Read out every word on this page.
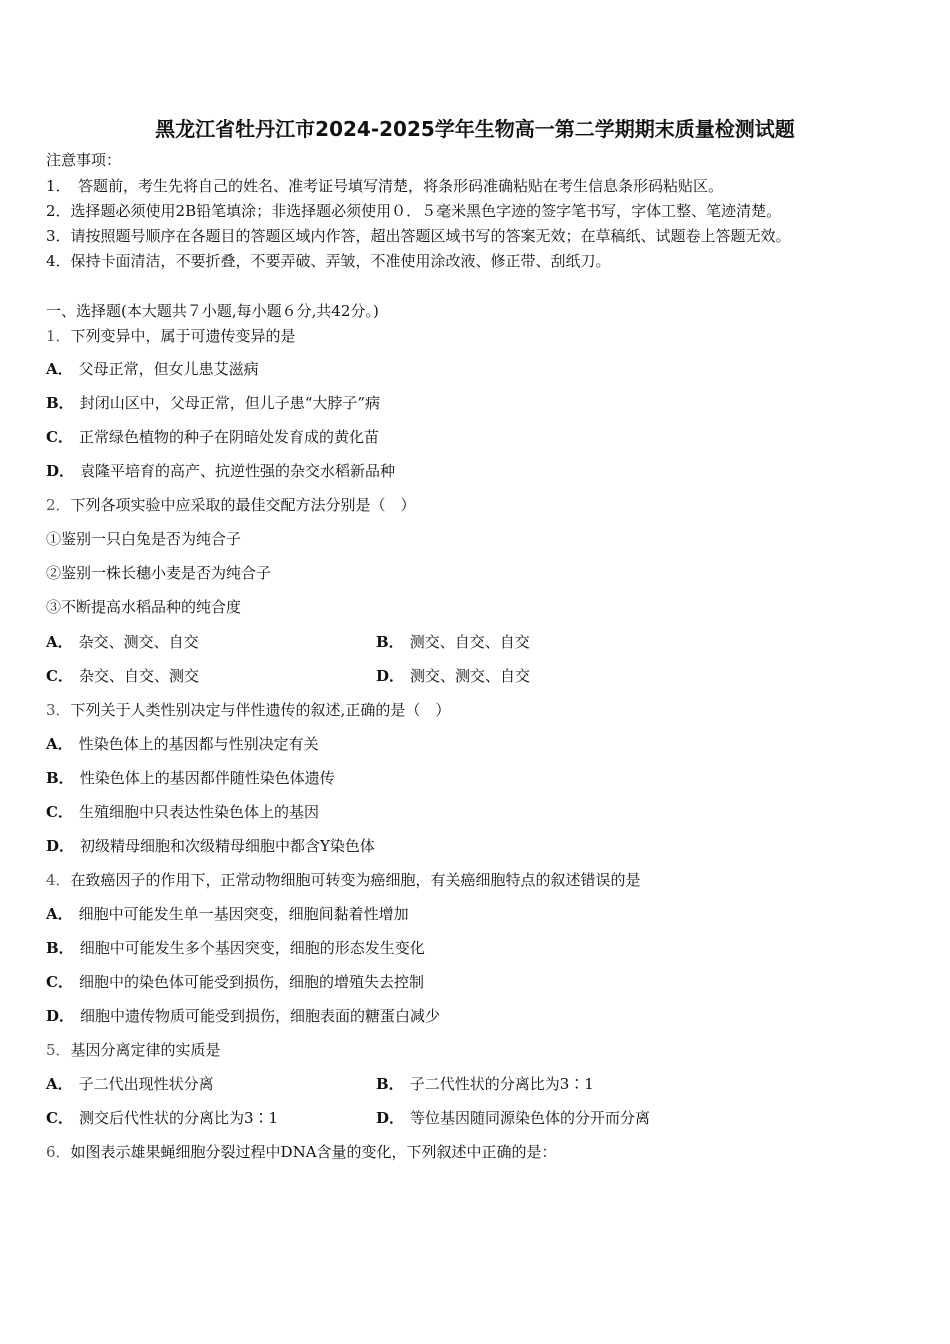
黑龙江省牡丹江市2024-2025学年生物高一第二学期期末质量检测试题
注意事项：
1．　答题前，考生先将自己的姓名、准考证号填写清楚，将条形码准确粘贴在考生信息条形码粘贴区。
2．选择题必须使用2B铅笔填涂；非选择题必须使用０．５毫米黑色字迹的签字笔书写，字体工整、笔迹清楚。
3．请按照题号顺序在各题目的答题区域内作答，超出答题区域书写的答案无效；在草稿纸、试题卷上答题无效。
4．保持卡面清洁，不要折叠，不要弄破、弄皱，不准使用涂改液、修正带、刮纸刀。
一、选择题(本大题共７小题,每小题６分,共42分。)
1．下列变异中，属于可遗传变异的是
A． 父母正常，但女儿患艾滋病
B． 封闭山区中，父母正常，但儿子患“大脖子”病
C． 正常绿色植物的种子在阴暗处发育成的黄化苗
D． 袁隆平培育的高产、抗逆性强的杂交水稻新品种
2．下列各项实验中应采取的最佳交配方法分别是（　）
①鉴别一只白兔是否为纯合子
②鉴别一株长穗小麦是否为纯合子
③不断提高水稻品种的纯合度
A． 杂交、测交、自交	B． 测交、自交、自交
C． 杂交、自交、测交	D． 测交、测交、自交
3．下列关于人类性别决定与伴性遗传的叙述,正确的是（　）
A． 性染色体上的基因都与性别决定有关
B． 性染色体上的基因都伴随性染色体遗传
C． 生殖细胞中只表达性染色体上的基因
D． 初级精母细胞和次级精母细胞中都含Y染色体
4．在致癌因子的作用下，正常动物细胞可转变为癌细胞，有关癌细胞特点的叙述错误的是
A． 细胞中可能发生单一基因突变，细胞间黏着性增加
B． 细胞中可能发生多个基因突变，细胞的形态发生变化
C． 细胞中的染色体可能受到损伤，细胞的增殖失去控制
D． 细胞中遗传物质可能受到损伤，细胞表面的糖蛋白减少
5．基因分离定律的实质是
A． 子二代出现性状分离	B． 子二代性状的分离比为3∶1
C． 测交后代性状的分离比为3∶1	D． 等位基因随同源染色体的分开而分离
6．如图表示雄果蝇细胞分裂过程中DNA含量的变化，下列叙述中正确的是：
